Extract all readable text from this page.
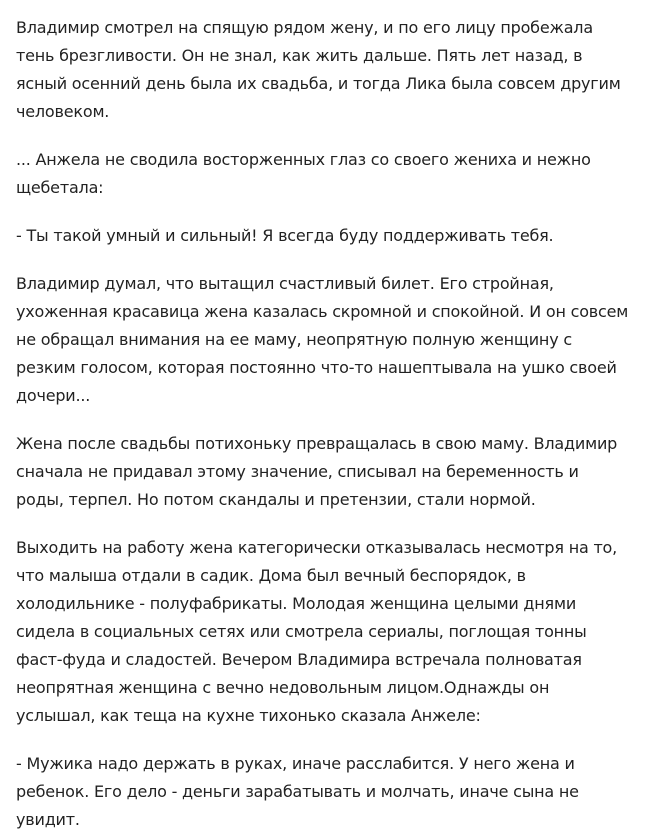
Владимир смотрел на спящую рядом жену, и по его лицу пробежала тень брезгливости. Он не знал, как жить дальше. Пять лет назад, в ясный осенний день была их свадьба, и тогда Лика была совсем другим человеком.

... Анжела не сводила восторженных глаз со своего жениха и нежно щебетала:

- Ты такой умный и сильный! Я всегда буду поддерживать тебя.

Владимир думал, что вытащил счастливый билет. Его стройная, ухоженная красавица жена казалась скромной и спокойной. И он совсем не обращал внимания на ее маму, неопрятную полную женщину с резким голосом, которая постоянно что-то нашептывала на ушко своей дочери...

Жена после свадьбы потихоньку превращалась в свою маму. Владимир сначала не придавал этому значение, списывал на беременность и роды, терпел. Но потом скандалы и претензии, стали нормой.

Выходить на работу жена категорически отказывалась несмотря на то, что малыша отдали в садик. Дома был вечный беспорядок, в холодильнике - полуфабрикаты. Молодая женщина целыми днями сидела в социальных сетях или смотрела сериалы, поглощая тонны фаст-фуда и сладостей. Вечером Владимира встречала полноватая неопрятная женщина с вечно недовольным лицом.Однажды он услышал, как теща на кухне тихонько сказала Анжеле:

- Мужика надо держать в руках, иначе расслабится. У него жена и ребенок. Его дело - деньги зарабатывать и молчать, иначе сына не увидит.
